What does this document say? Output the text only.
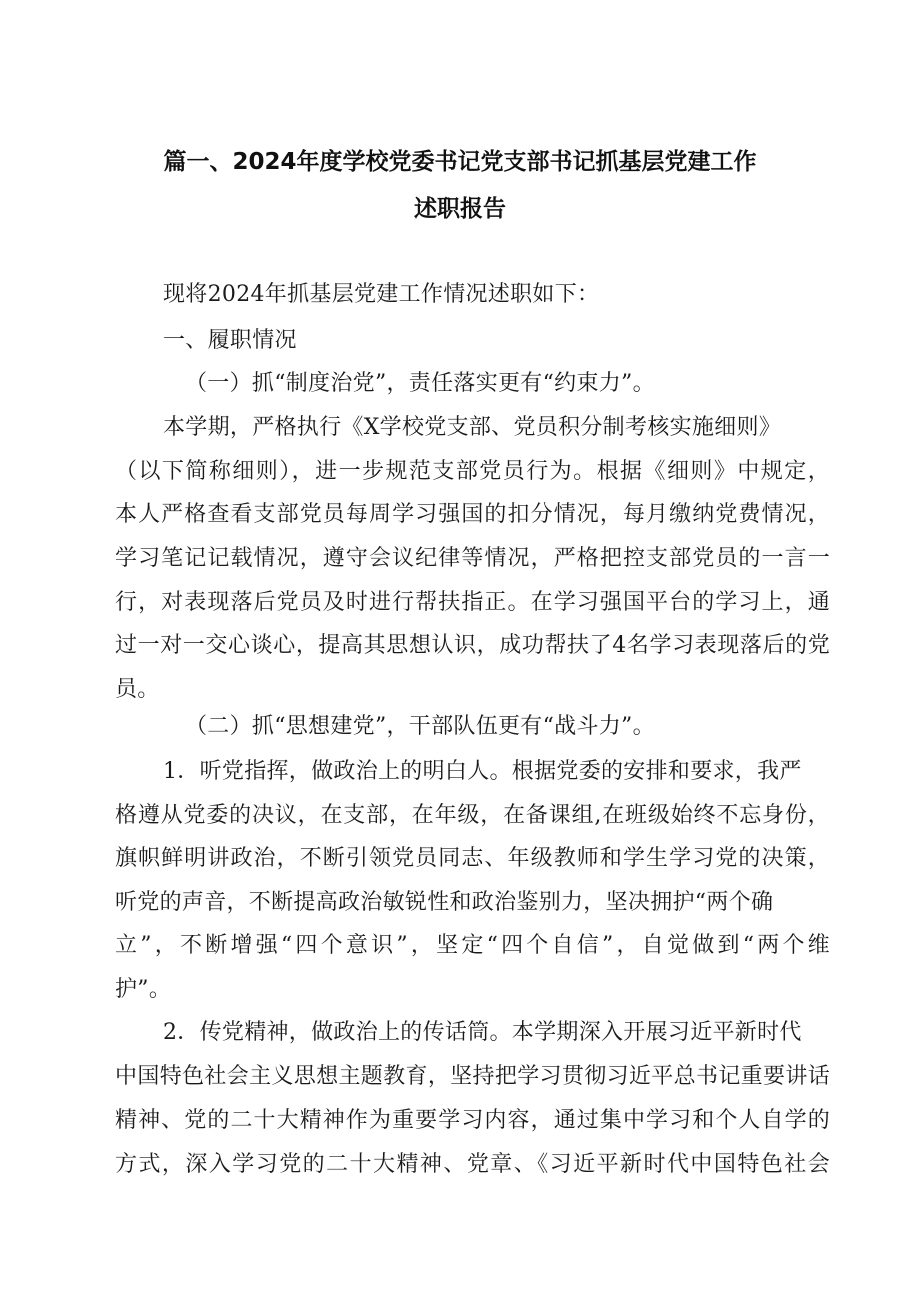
篇一、2024年度学校党委书记党支部书记抓基层党建工作
述职报告
现将2024年抓基层党建工作情况述职如下：
一、履职情况
（一）抓“制度治党”，责任落实更有“约束力”。
本学期，严格执行《X学校党支部、党员积分制考核实施细则》
（以下简称细则），进一步规范支部党员行为。根据《细则》中规定，
本人严格查看支部党员每周学习强国的扣分情况，每月缴纳党费情况，
学习笔记记载情况，遵守会议纪律等情况，严格把控支部党员的一言一
行，对表现落后党员及时进行帮扶指正。在学习强国平台的学习上，通
过一对一交心谈心，提高其思想认识，成功帮扶了4名学习表现落后的党
员。
（二）抓“思想建党”，干部队伍更有“战斗力”。
1．听党指挥，做政治上的明白人。根据党委的安排和要求，我严
格遵从党委的决议，在支部，在年级，在备课组,在班级始终不忘身份，
旗帜鲜明讲政治，不断引领党员同志、年级教师和学生学习党的决策，
听党的声音，不断提高政治敏锐性和政治鉴别力，坚决拥护“两个确
立”，不断增强“四个意识”，坚定“四个自信”，自觉做到“两个维
护”。
2．传党精神，做政治上的传话筒。本学期深入开展习近平新时代
中国特色社会主义思想主题教育，坚持把学习贯彻习近平总书记重要讲话
精神、党的二十大精神作为重要学习内容，通过集中学习和个人自学的
方式，深入学习党的二十大精神、党章、《习近平新时代中国特色社会
